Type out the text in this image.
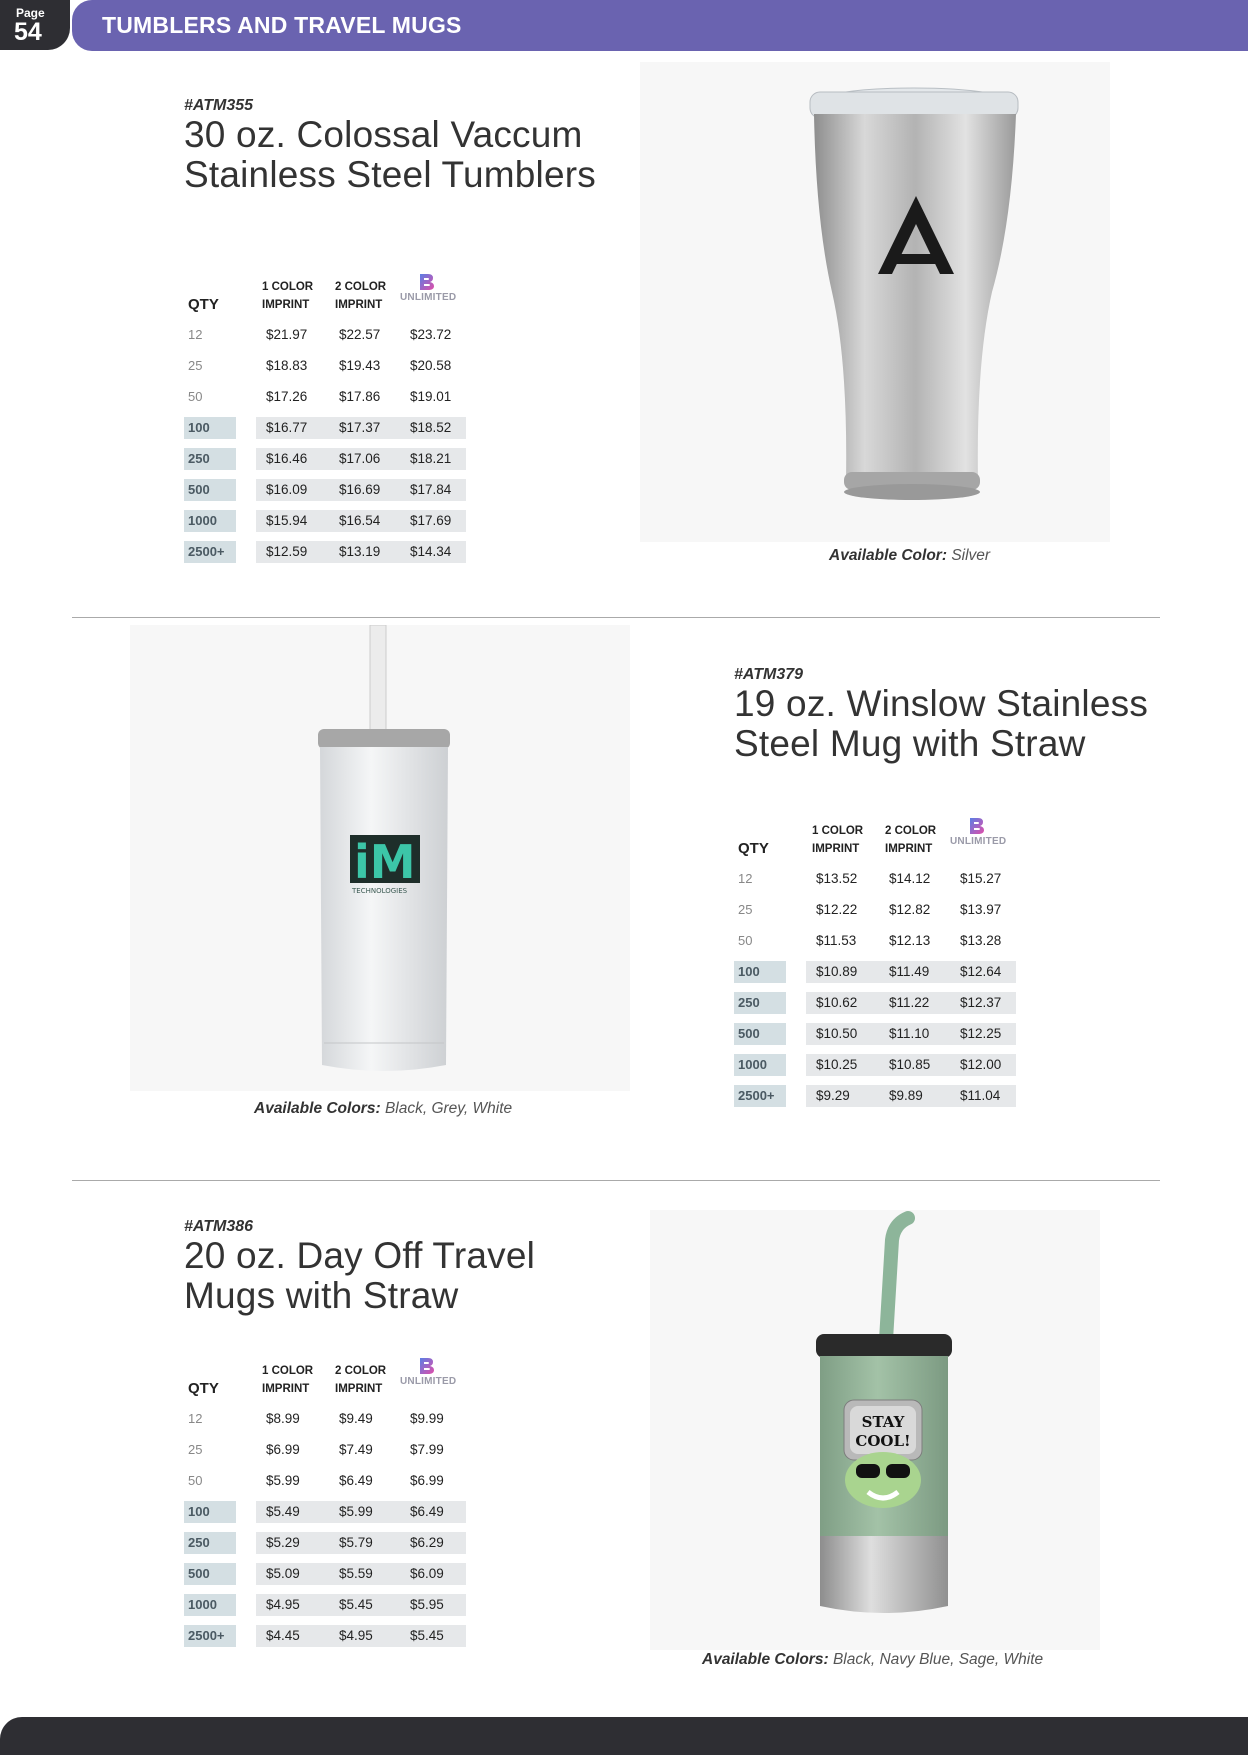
Page
54	TUMBLERS AND TRAVEL MUGS
#ATM355
30 oz. Colossal Vaccum
Stainless Steel Tumblers
QTY
1 COLOR
IMPRINT
2 COLOR
IMPRINT
UNLIMITED
12	$21.97 $22.57 $23.72
25	$18.83 $19.43 $20.58
50	$17.26 $17.86 $19.01
100	$16.77 $17.37 $18.52
250	$16.46 $17.06 $18.21
500	$16.09 $16.69 $17.84
1000	$15.94 $16.54 $17.69
2500+	$12.59 $13.19 $14.34	Available Color: Silver
iM
TECHNOLOGIES
Available Colors: Black, Grey, White
#ATM379
19 oz. Winslow Stainless
Steel Mug with Straw
QTY
1 COLOR
IMPRINT
2 COLOR
IMPRINT
UNLIMITED
12	$13.52 $14.12 $15.27
25	$12.22 $12.82 $13.97
50	$11.53 $12.13 $13.28
100	$10.89 $11.49 $12.64
250	$10.62 $11.22 $12.37
500	$10.50 $11.10 $12.25
1000	$10.25 $10.85 $12.00
2500+	$9.29	$9.89	$11.04
#ATM386
20 oz. Day Off Travel
Mugs with Straw
QTY
1 COLOR
IMPRINT
2 COLOR
IMPRINT
UNLIMITED
12	$8.99	$9.49	$9.99
25	$6.99	$7.49	$7.99
50	$5.99	$6.49	$6.99
100	$5.49	$5.99	$6.49
250	$5.29	$5.79	$6.29
500	$5.09	$5.59	$6.09
1000	$4.95	$5.45	$5.95
2500+	$4.45	$4.95	$5.45
STAY
COOL!
Available Colors: Black, Navy Blue, Sage, White
